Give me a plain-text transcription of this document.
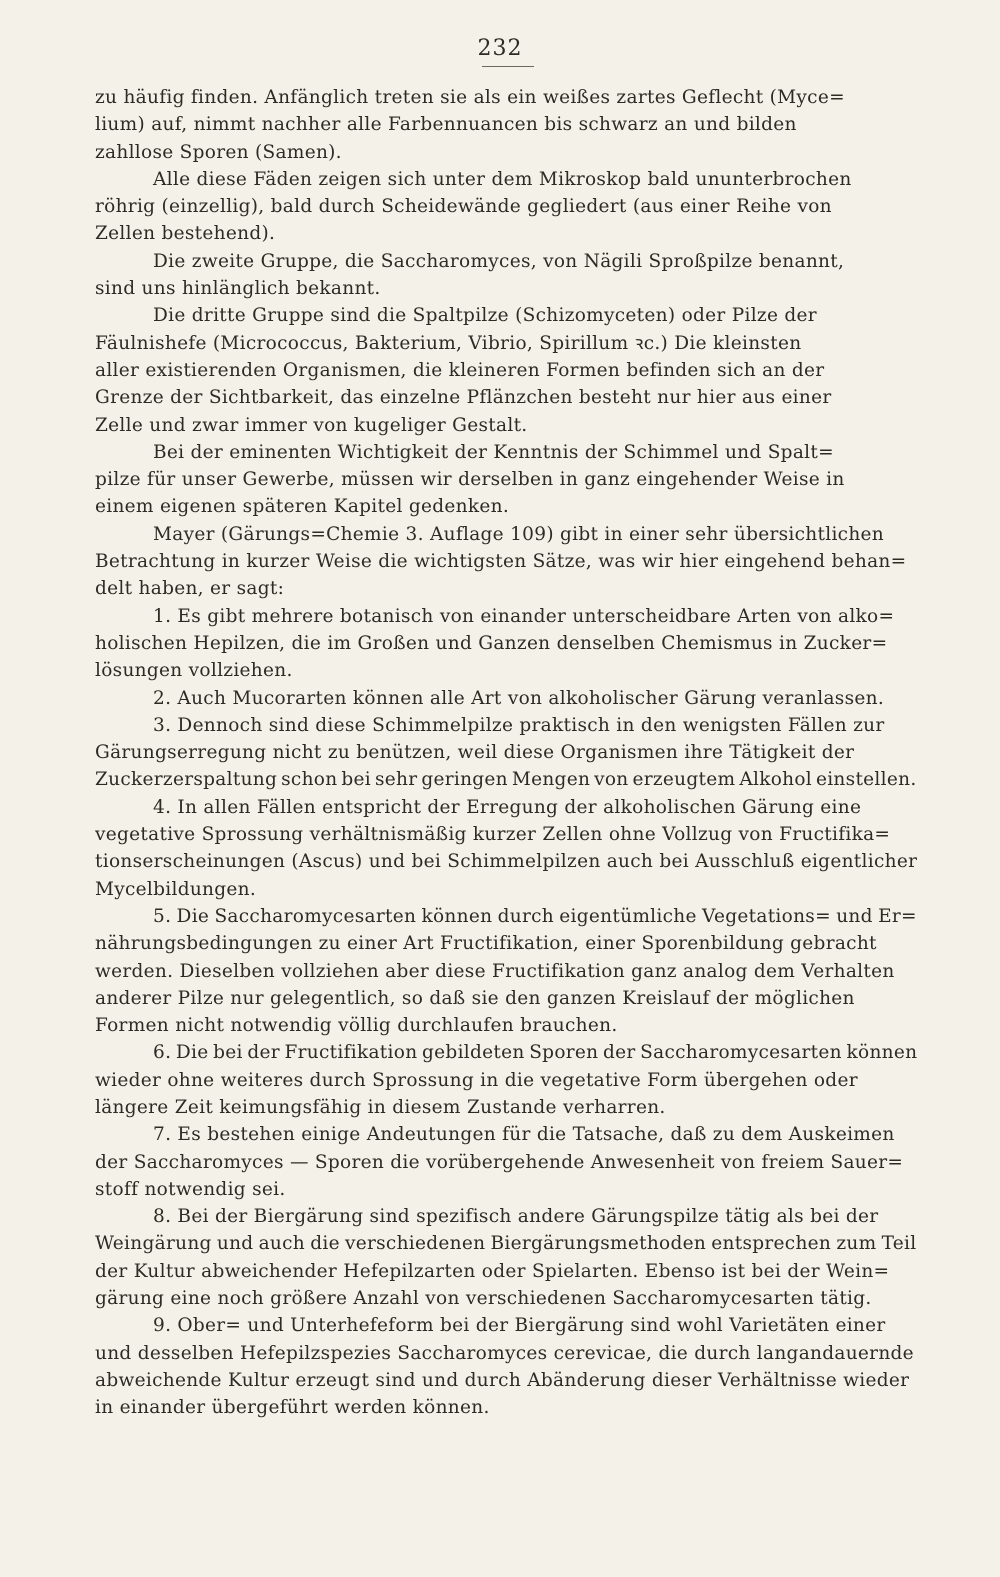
232
zu häufig finden. Anfänglich treten sie als ein weißes zartes Geflecht (Myce=
lium) auf, nimmt nachher alle Farbennuancen bis schwarz an und bilden
zahllose Sporen (Samen).
Alle diese Fäden zeigen sich unter dem Mikroskop bald ununterbrochen
röhrig (einzellig), bald durch Scheidewände gegliedert (aus einer Reihe von
Zellen bestehend).
Die zweite Gruppe, die Saccharomyces, von Nägili Sproßpilze benannt,
sind uns hinlänglich bekannt.
Die dritte Gruppe sind die Spaltpilze (Schizomyceten) oder Pilze der
Fäulnishefe (Micrococcus, Bakterium, Vibrio, Spirillum ꝛc.) Die kleinsten
aller existierenden Organismen, die kleineren Formen befinden sich an der
Grenze der Sichtbarkeit, das einzelne Pflänzchen besteht nur hier aus einer
Zelle und zwar immer von kugeliger Gestalt.
Bei der eminenten Wichtigkeit der Kenntnis der Schimmel und Spalt=
pilze für unser Gewerbe, müssen wir derselben in ganz eingehender Weise in
einem eigenen späteren Kapitel gedenken.
Mayer (Gärungs=Chemie 3. Auflage 109) gibt in einer sehr übersichtlichen
Betrachtung in kurzer Weise die wichtigsten Sätze, was wir hier eingehend behan=
delt haben, er sagt:
1. Es gibt mehrere botanisch von einander unterscheidbare Arten von alko=
holischen Hepilzen, die im Großen und Ganzen denselben Chemismus in Zucker=
lösungen vollziehen.
2. Auch Mucorarten können alle Art von alkoholischer Gärung veranlassen.
3. Dennoch sind diese Schimmelpilze praktisch in den wenigsten Fällen zur
Gärungserregung nicht zu benützen, weil diese Organismen ihre Tätigkeit der
Zuckerzerspaltung schon bei sehr geringen Mengen von erzeugtem Alkohol einstellen.
4. In allen Fällen entspricht der Erregung der alkoholischen Gärung eine
vegetative Sprossung verhältnismäßig kurzer Zellen ohne Vollzug von Fructifika=
tionserscheinungen (Ascus) und bei Schimmelpilzen auch bei Ausschluß eigentlicher
Mycelbildungen.
5. Die Saccharomycesarten können durch eigentümliche Vegetations= und Er=
nährungsbedingungen zu einer Art Fructifikation, einer Sporenbildung gebracht
werden. Dieselben vollziehen aber diese Fructifikation ganz analog dem Verhalten
anderer Pilze nur gelegentlich, so daß sie den ganzen Kreislauf der möglichen
Formen nicht notwendig völlig durchlaufen brauchen.
6. Die bei der Fructifikation gebildeten Sporen der Saccharomycesarten können
wieder ohne weiteres durch Sprossung in die vegetative Form übergehen oder
längere Zeit keimungsfähig in diesem Zustande verharren.
7. Es bestehen einige Andeutungen für die Tatsache, daß zu dem Auskeimen
der Saccharomyces — Sporen die vorübergehende Anwesenheit von freiem Sauer=
stoff notwendig sei.
8. Bei der Biergärung sind spezifisch andere Gärungspilze tätig als bei der
Weingärung und auch die verschiedenen Biergärungsmethoden entsprechen zum Teil
der Kultur abweichender Hefepilzarten oder Spielarten. Ebenso ist bei der Wein=
gärung eine noch größere Anzahl von verschiedenen Saccharomycesarten tätig.
9. Ober= und Unterhefeform bei der Biergärung sind wohl Varietäten einer
und desselben Hefepilzspezies Saccharomyces cerevicae, die durch langandauernde
abweichende Kultur erzeugt sind und durch Abänderung dieser Verhältnisse wieder
in einander übergeführt werden können.
